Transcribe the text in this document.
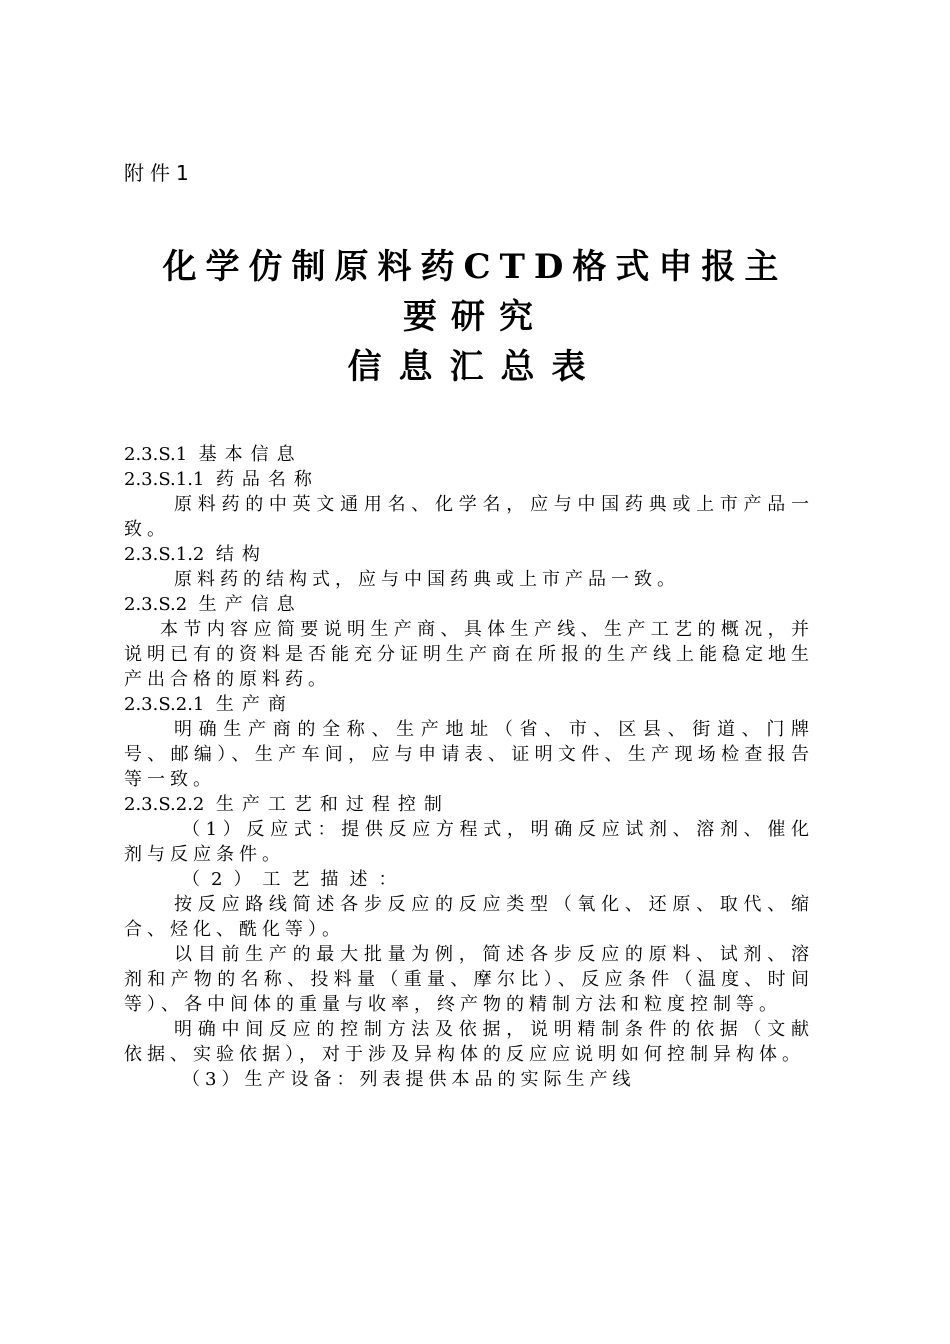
附件1

化学仿制原料药CTD格式申报主
要研究
信息汇总表

2.3.S.1 基本信息

2.3.S.1.1 药品名称

原料药的中英文通用名、化学名，应与中国药典或上市产品一致。

2.3.S.1.2 结构

原料药的结构式，应与中国药典或上市产品一致。

2.3.S.2 生产信息

本节内容应简要说明生产商、具体生产线、生产工艺的概况，并说明已有的资料是否能充分证明生产商在所报的生产线上能稳定地生产出合格的原料药。

2.3.S.2.1 生产商

明确生产商的全称、生产地址（省、市、区县、街道、门牌号、邮编）、生产车间，应与申请表、证明文件、生产现场检查报告等一致。

2.3.S.2.2 生产工艺和过程控制

（1）反应式：提供反应方程式，明确反应试剂、溶剂、催化剂与反应条件。

（2）工艺描述：

按反应路线简述各步反应的反应类型（氧化、还原、取代、缩合、烃化、酰化等）。

以目前生产的最大批量为例，简述各步反应的原料、试剂、溶剂和产物的名称、投料量（重量、摩尔比）、反应条件（温度、时间等）、各中间体的重量与收率，终产物的精制方法和粒度控制等。

明确中间反应的控制方法及依据，说明精制条件的依据（文献依据、实验依据），对于涉及异构体的反应应说明如何控制异构体。

（3）生产设备：列表提供本品的实际生产线
